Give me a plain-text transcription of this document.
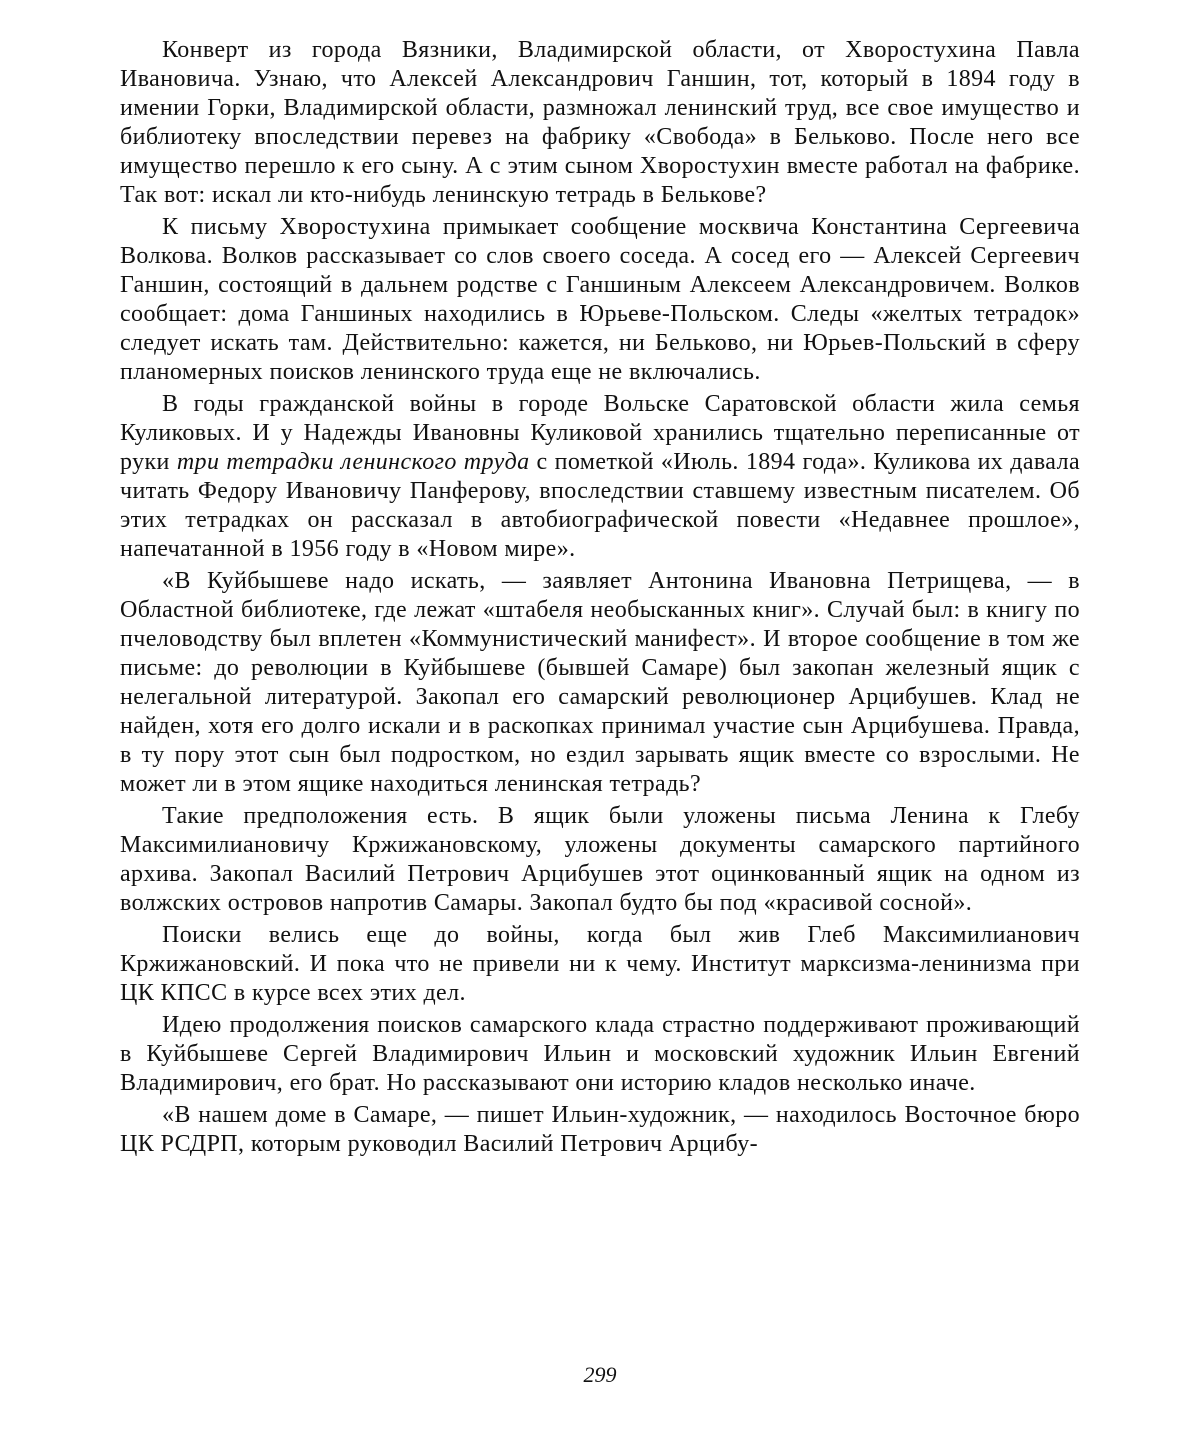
Конверт из города Вязники, Владимирской области, от Хворостухина Павла Ивановича. Узнаю, что Алексей Александрович Ганшин, тот, который в 1894 году в имении Горки, Владимирской области, размножал ленинский труд, все свое имущество и библиотеку впоследствии перевез на фабрику «Свобода» в Бельково. После него все имущество перешло к его сыну. А с этим сыном Хворостухин вместе работал на фабрике. Так вот: искал ли кто-нибудь ленинскую тетрадь в Белькове?

К письму Хворостухина примыкает сообщение москвича Константина Сергеевича Волкова. Волков рассказывает со слов своего соседа. А сосед его — Алексей Сергеевич Ганшин, состоящий в дальнем родстве с Ганшиным Алексеем Александровичем. Волков сообщает: дома Ганшиных находились в Юрьеве-Польском. Следы «желтых тетрадок» следует искать там. Действительно: кажется, ни Бельково, ни Юрьев-Польский в сферу планомерных поисков ленинского труда еще не включались.

В годы гражданской войны в городе Вольске Саратовской области жила семья Куликовых. И у Надежды Ивановны Куликовой хранились тщательно переписанные от руки три тетрадки ленинского труда с пометкой «Июль. 1894 года». Куликова их давала читать Федору Ивановичу Панферову, впоследствии ставшему известным писателем. Об этих тетрадках он рассказал в автобиографической повести «Недавнее прошлое», напечатанной в 1956 году в «Новом мире».

«В Куйбышеве надо искать, — заявляет Антонина Ивановна Петрищева, — в Областной библиотеке, где лежат «штабеля необысканных книг». Случай был: в книгу по пчеловодству был вплетен «Коммунистический манифест». И второе сообщение в том же письме: до революции в Куйбышеве (бывшей Самаре) был закопан железный ящик с нелегальной литературой. Закопал его самарский революционер Арцибушев. Клад не найден, хотя его долго искали и в раскопках принимал участие сын Арцибушева. Правда, в ту пору этот сын был подростком, но ездил зарывать ящик вместе со взрослыми. Не может ли в этом ящике находиться ленинская тетрадь?

Такие предположения есть. В ящик были уложены письма Ленина к Глебу Максимилиановичу Кржижановскому, уложены документы самарского партийного архива. Закопал Василий Петрович Арцибушев этот оцинкованный ящик на одном из волжских островов напротив Самары. Закопал будто бы под «красивой сосной».

Поиски велись еще до войны, когда был жив Глеб Максимилианович Кржижановский. И пока что не привели ни к чему. Институт марксизма-ленинизма при ЦК КПСС в курсе всех этих дел.

Идею продолжения поисков самарского клада страстно поддерживают проживающий в Куйбышеве Сергей Владимирович Ильин и московский художник Ильин Евгений Владимирович, его брат. Но рассказывают они историю кладов несколько иначе.

«В нашем доме в Самаре, — пишет Ильин-художник, — находилось Восточное бюро ЦК РСДРП, которым руководил Василий Петрович Арцибу-

299
